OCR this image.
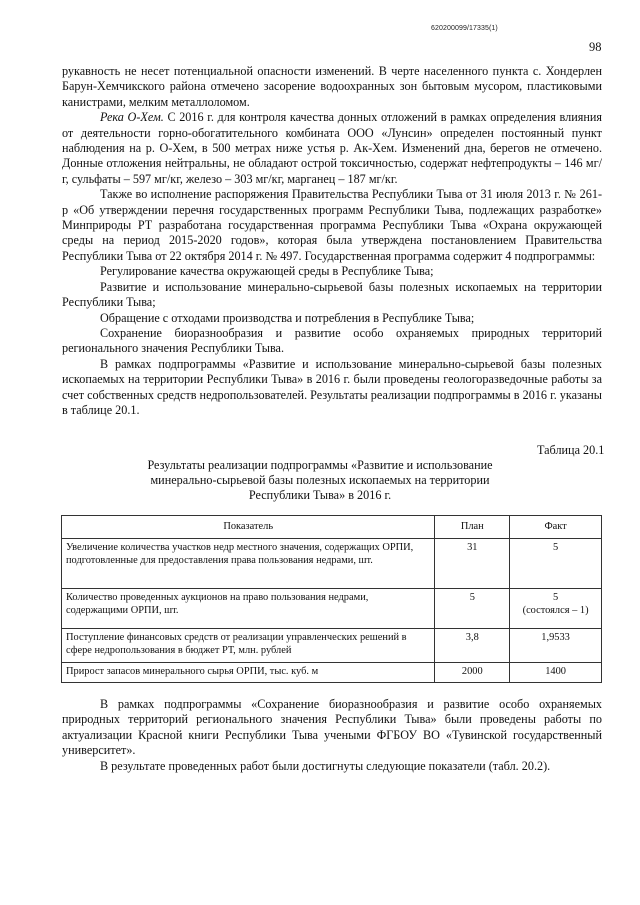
620200099/17335(1)
98

рукавность не несет потенциальной опасности изменений. В черте населенного пункта с. Хондерлен Барун-Хемчикского района отмечено засорение водоохранных зон бытовым мусором, пластиковыми канистрами, мелким металлоломом.

Река О-Хем. С 2016 г. для контроля качества донных отложений в рамках определения влияния от деятельности горно-обогатительного комбината ООО «Лунсин» определен постоянный пункт наблюдения на р. О-Хем, в 500 метрах ниже устья р. Ак-Хем. Изменений дна, берегов не отмечено. Донные отложения нейтральны, не обладают острой токсичностью, содержат нефтепродукты – 146 мг/г, сульфаты – 597 мг/кг, железо – 303 мг/кг, марганец – 187 мг/кг.

Также во исполнение распоряжения Правительства Республики Тыва от 31 июля 2013 г. № 261-р «Об утверждении перечня государственных программ Республики Тыва, подлежащих разработке» Минприроды РТ разработана государственная программа Республики Тыва «Охрана окружающей среды на период 2015-2020 годов», которая была утверждена постановлением Правительства Республики Тыва от 22 октября 2014 г. № 497. Государственная программа содержит 4 подпрограммы:

Регулирование качества окружающей среды в Республике Тыва;

Развитие и использование минерально-сырьевой базы полезных ископаемых на территории Республики Тыва;

Обращение с отходами производства и потребления в Республике Тыва;

Сохранение биоразнообразия и развитие особо охраняемых природных территорий регионального значения Республики Тыва.

В рамках подпрограммы «Развитие и использование минерально-сырьевой базы полезных ископаемых на территории Республики Тыва» в 2016 г. были проведены геологоразведочные работы за счет собственных средств недропользователей. Результаты реализации подпрограммы в 2016 г. указаны в таблице 20.1.

Таблица 20.1
Результаты реализации подпрограммы «Развитие и использование минерально-сырьевой базы полезных ископаемых на территории Республики Тыва» в 2016 г.
Показатель	План	Факт
Увеличение количества участков недр местного значения, содержащих ОРПИ, подготовленные для предоставления права пользования недрами, шт.	31	5
Количество проведенных аукционов на право пользования недрами, содержащими ОРПИ, шт.	5	5
(состоялся – 1)

Поступление финансовых средств от реализации управленческих решений в сфере недропользования в бюджет РТ, млн. рублей	3,8	1,9533
Прирост запасов минерального сырья ОРПИ, тыс. куб. м	2000	1400

В рамках подпрограммы «Сохранение биоразнообразия и развитие особо охраняемых природных территорий регионального значения Республики Тыва» были проведены работы по актуализации Красной книги Республики Тыва учеными ФГБОУ ВО «Тувинской государственный университет».

В результате проведенных работ были достигнуты следующие показатели (табл. 20.2).
